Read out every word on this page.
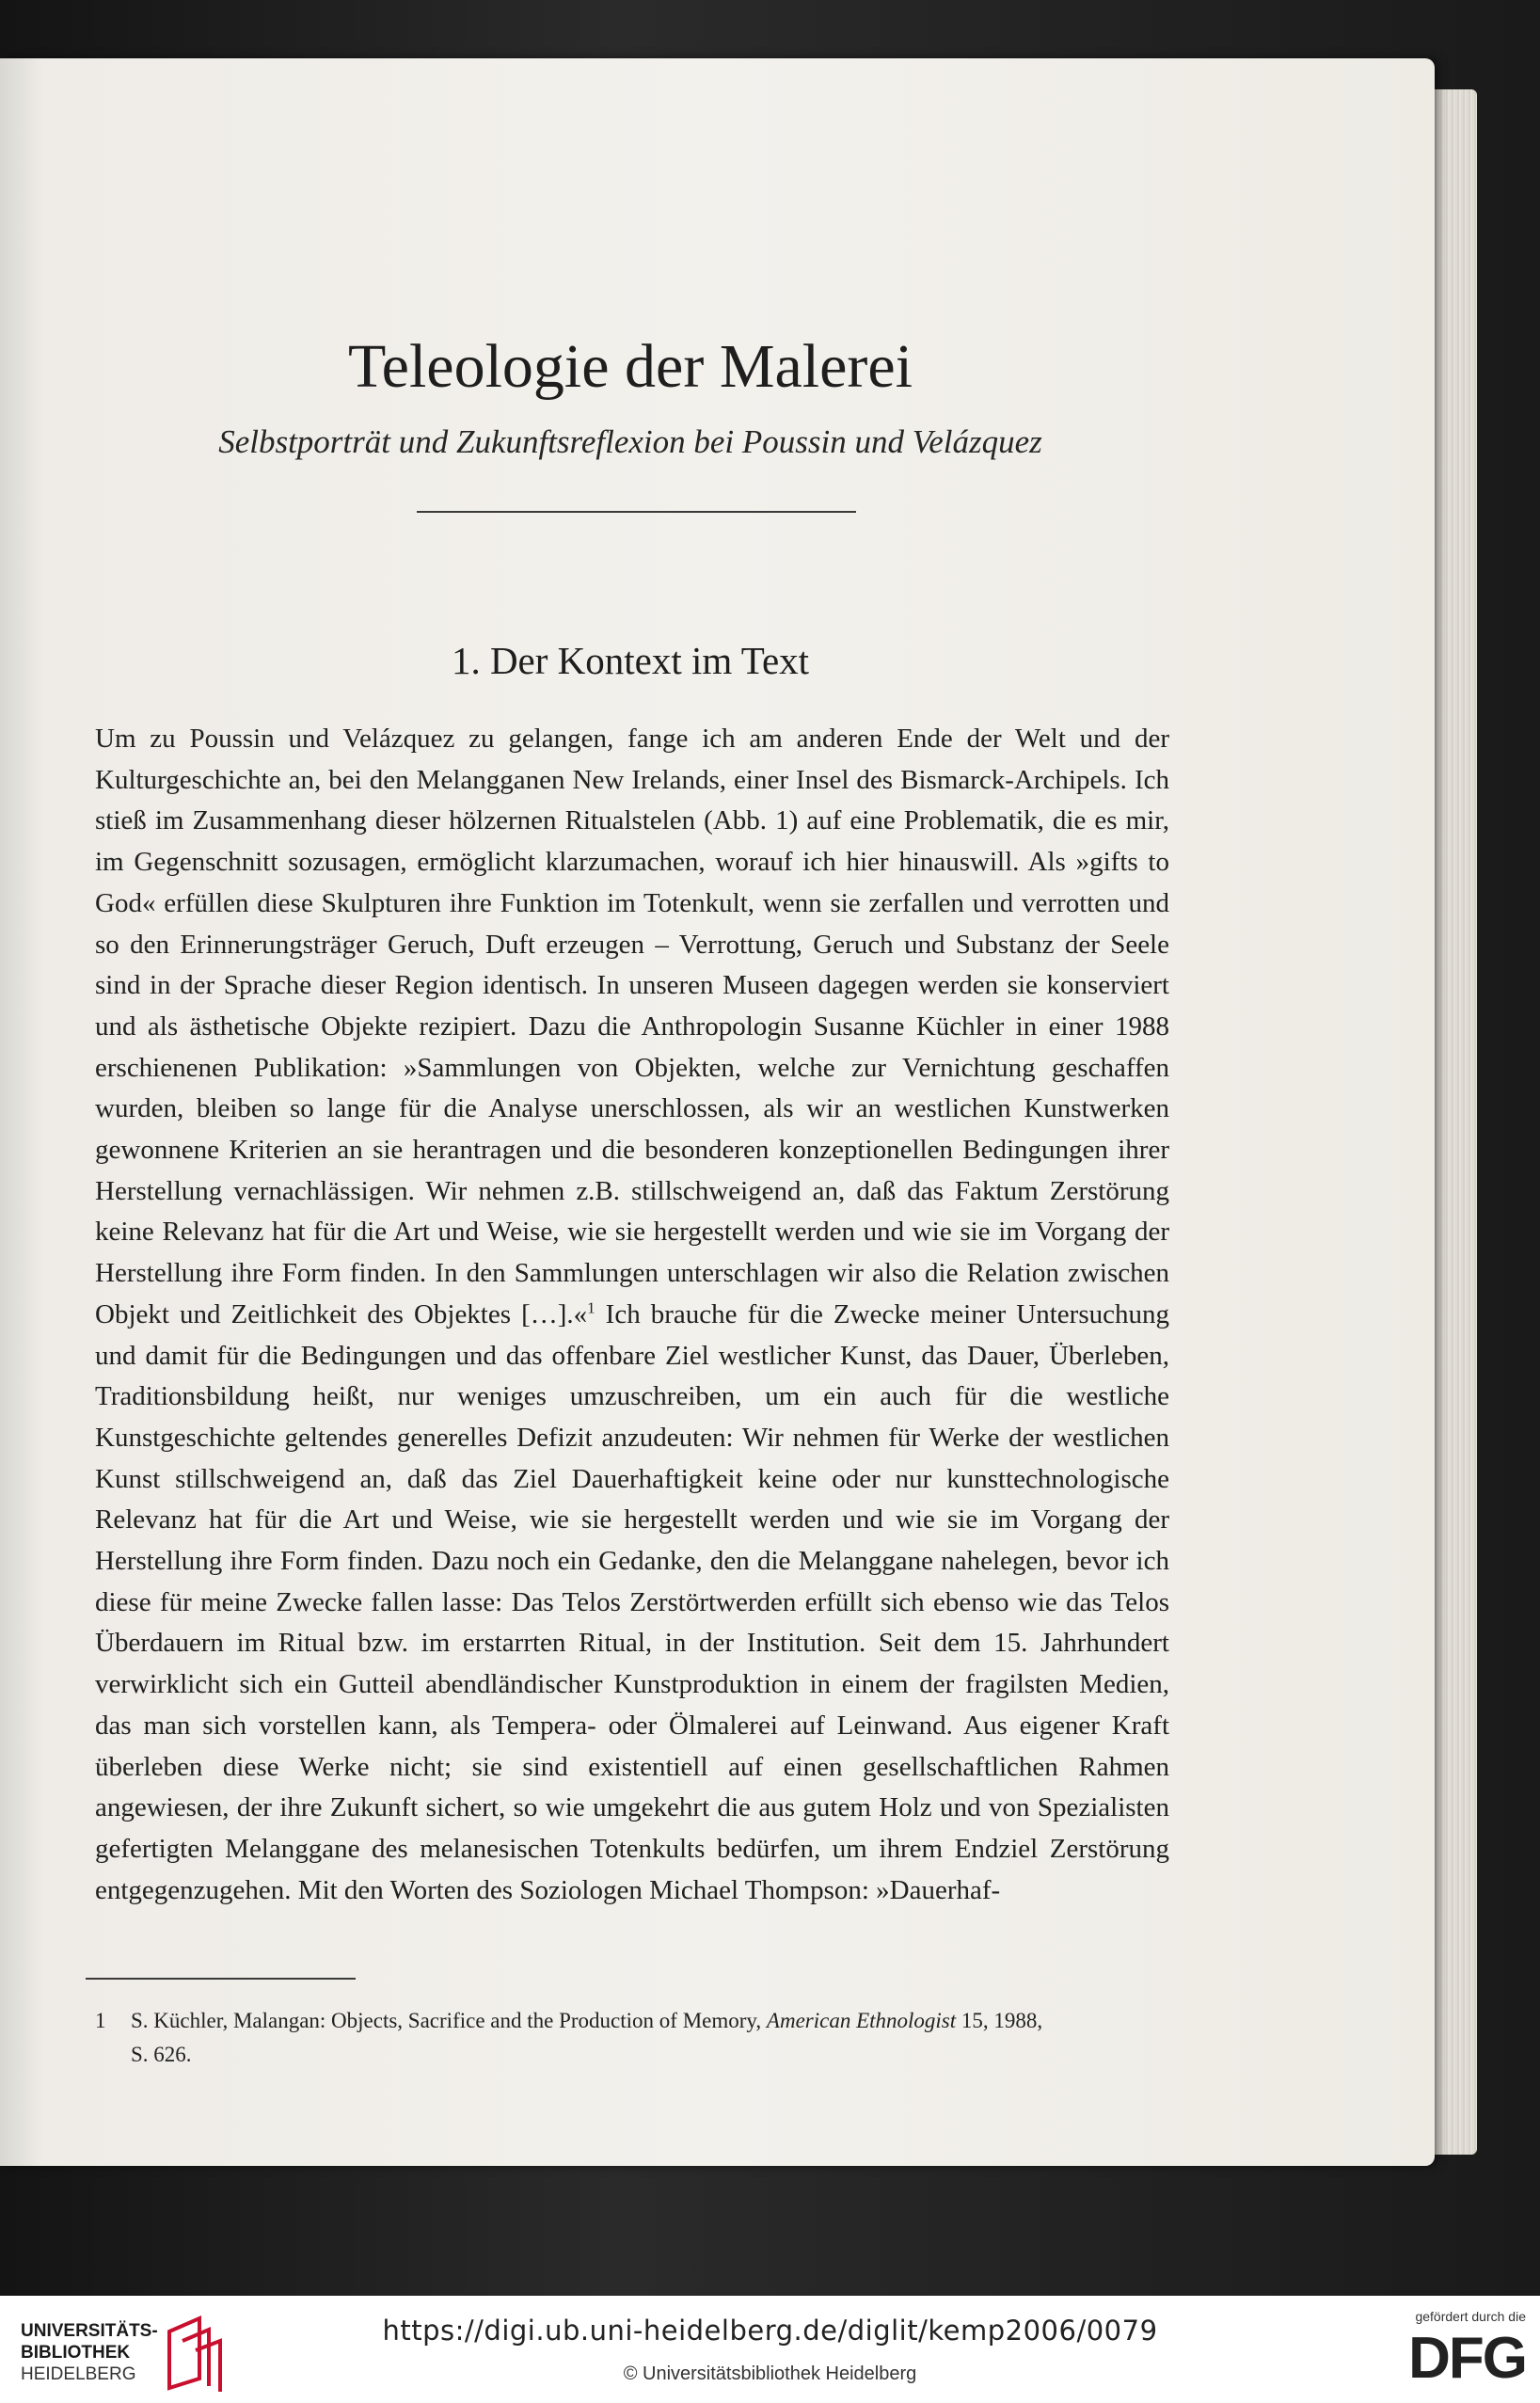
Teleologie der Malerei
Selbstporträt und Zukunftsreflexion bei Poussin und Velázquez
1. Der Kontext im Text

Um zu Poussin und Velázquez zu gelangen, fange ich am anderen Ende der Welt und der Kulturgeschichte an, bei den Melangganen New Irelands, einer Insel des Bismarck-Archipels. Ich stieß im Zusammenhang dieser hölzernen Ritualstelen (Abb. 1) auf eine Problematik, die es mir, im Gegenschnitt sozusagen, ermöglicht klarzumachen, worauf ich hier hinauswill. Als »gifts to God« erfüllen diese Skulpturen ihre Funktion im Totenkult, wenn sie zerfallen und verrotten und so den Erinnerungsträger Geruch, Duft erzeugen – Verrottung, Geruch und Substanz der Seele sind in der Sprache dieser Region identisch. In unseren Museen dagegen werden sie konserviert und als ästhetische Objekte rezipiert. Dazu die Anthropologin Susanne Küchler in einer 1988 erschienenen Publikation: »Sammlungen von Objekten, welche zur Vernichtung geschaffen wurden, bleiben so lange für die Analyse unerschlossen, als wir an westlichen Kunstwerken gewonnene Kriterien an sie herantragen und die besonderen konzeptionellen Bedingungen ihrer Herstellung vernachlässigen. Wir nehmen z.B. stillschweigend an, daß das Faktum Zerstörung keine Relevanz hat für die Art und Weise, wie sie hergestellt werden und wie sie im Vorgang der Herstellung ihre Form finden. In den Sammlungen unterschlagen wir also die Relation zwischen Objekt und Zeitlichkeit des Objektes […].«$^1$ Ich brauche für die Zwecke meiner Untersuchung und damit für die Bedingungen und das offenbare Ziel westlicher Kunst, das Dauer, Überleben, Traditionsbildung heißt, nur weniges umzuschreiben, um ein auch für die westliche Kunstgeschichte geltendes generelles Defizit anzudeuten: Wir nehmen für Werke der westlichen Kunst stillschweigend an, daß das Ziel Dauerhaftigkeit keine oder nur kunsttechnologische Relevanz hat für die Art und Weise, wie sie hergestellt werden und wie sie im Vorgang der Herstellung ihre Form finden. Dazu noch ein Gedanke, den die Melanggane nahelegen, bevor ich diese für meine Zwecke fallen lasse: Das Telos Zerstörtwerden erfüllt sich ebenso wie das Telos Überdauern im Ritual bzw. im erstarrten Ritual, in der Institution. Seit dem 15. Jahrhundert verwirklicht sich ein Gutteil abendländischer Kunstproduktion in einem der fragilsten Medien, das man sich vorstellen kann, als Tempera- oder Ölmalerei auf Leinwand. Aus eigener Kraft überleben diese Werke nicht; sie sind existentiell auf einen gesellschaftlichen Rahmen angewiesen, der ihre Zukunft sichert, so wie umgekehrt die aus gutem Holz und von Spezialisten gefertigten Melanggane des melanesischen Totenkults bedürfen, um ihrem Endziel Zerstörung entgegenzugehen. Mit den Worten des Soziologen Michael Thompson: »Dauerhaf-

1 S. Küchler, Malangan: Objects, Sacrifice and the Production of Memory, American Ethnologist 15, 1988,
S. 626.
UNIVERSITÄTS-
BIBLIOTHEK
HEIDELBERG
https://digi.ub.uni-heidelberg.de/diglit/kemp2006/0079
© Universitätsbibliothek Heidelberg
gefördert durch die
DFG
